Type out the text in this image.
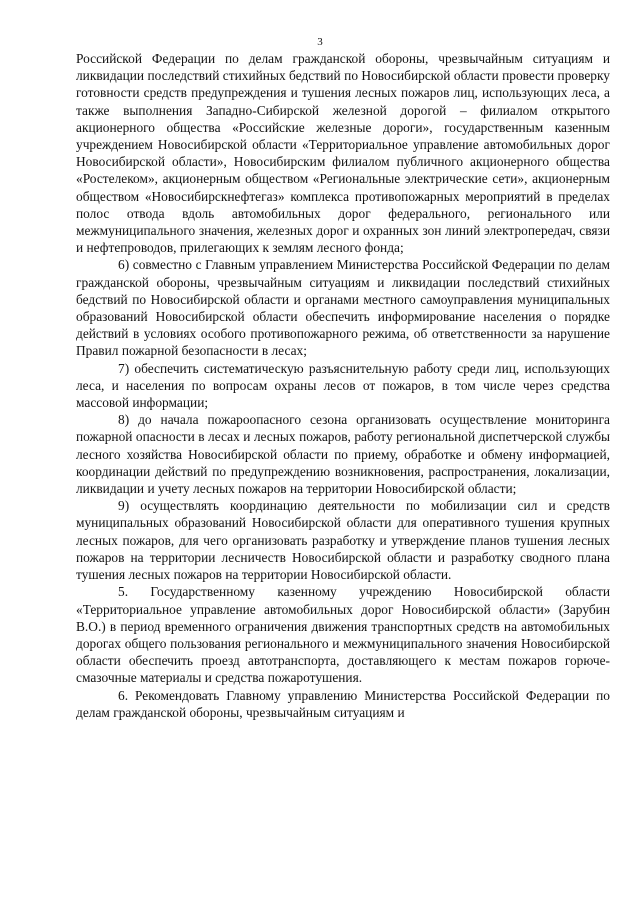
3

Российской Федерации по делам гражданской обороны, чрезвычайным ситуациям и ликвидации последствий стихийных бедствий по Новосибирской области провести проверку готовности средств предупреждения и тушения лесных пожаров лиц, использующих леса, а также выполнения Западно-Сибирской железной дорогой – филиалом открытого акционерного общества «Российские железные дороги», государственным казенным учреждением Новосибирской области «Территориальное управление автомобильных дорог Новосибирской области», Новосибирским филиалом публичного акционерного общества «Ростелеком», акционерным обществом «Региональные электрические сети», акционерным обществом «Новосибирскнефтегаз» комплекса противопожарных мероприятий в пределах полос отвода вдоль автомобильных дорог федерального, регионального или межмуниципального значения, железных дорог и охранных зон линий электропередач, связи и нефтепроводов, прилегающих к землям лесного фонда;

6) совместно с Главным управлением Министерства Российской Федерации по делам гражданской обороны, чрезвычайным ситуациям и ликвидации последствий стихийных бедствий по Новосибирской области и органами местного самоуправления муниципальных образований Новосибирской области обеспечить информирование населения о порядке действий в условиях особого противопожарного режима, об ответственности за нарушение Правил пожарной безопасности в лесах;

7) обеспечить систематическую разъяснительную работу среди лиц, использующих леса, и населения по вопросам охраны лесов от пожаров, в том числе через средства массовой информации;

8) до начала пожароопасного сезона организовать осуществление мониторинга пожарной опасности в лесах и лесных пожаров, работу региональной диспетчерской службы лесного хозяйства Новосибирской области по приему, обработке и обмену информацией, координации действий по предупреждению возникновения, распространения, локализации, ликвидации и учету лесных пожаров на территории Новосибирской области;

9) осуществлять координацию деятельности по мобилизации сил и средств муниципальных образований Новосибирской области для оперативного тушения крупных лесных пожаров, для чего организовать разработку и утверждение планов тушения лесных пожаров на территории лесничеств Новосибирской области и разработку сводного плана тушения лесных пожаров на территории Новосибирской области.

5. Государственному казенному учреждению Новосибирской области «Территориальное управление автомобильных дорог Новосибирской области» (Зарубин В.О.) в период временного ограничения движения транспортных средств на автомобильных дорогах общего пользования регионального и межмуниципального значения Новосибирской области обеспечить проезд автотранспорта, доставляющего к местам пожаров горюче-смазочные материалы и средства пожаротушения.

6. Рекомендовать Главному управлению Министерства Российской Федерации по делам гражданской обороны, чрезвычайным ситуациям и
